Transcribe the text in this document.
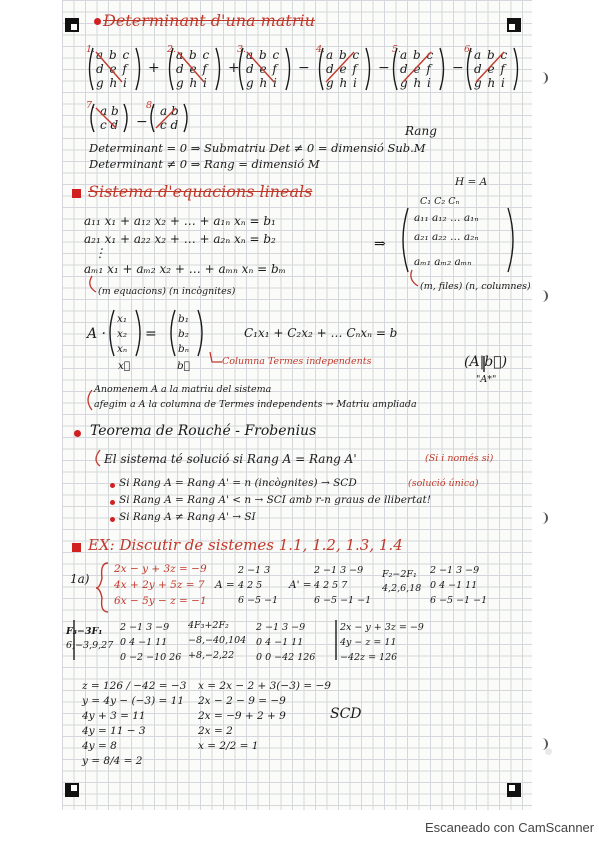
Determinant d'una matriu
1.	2.	3.	4.	5.	6.
a b c
d e f
g h i
+
a b c
d e f
g h i
+
a b c
d e f
g h i
−
a b c
d e f
g h i
−
a b c
d e f
g h i
−
a b c
d e f
g h i
a b
c d
a b
c d
7.	8.
−
Rang
Determinant = 0 ⇒ Submatriu Det ≠ 0 = dimensió Sub.M
Determinant ≠ 0 ⇒ Rang = dimensió M
Sistema d'equacions lineals
a₁₁ x₁ + a₁₂ x₂ + … + a₁ₙ xₙ = b₁
a₂₁ x₁ + a₂₂ x₂ + … + a₂ₙ xₙ = b₂
⋮
aₘ₁ x₁ + aₘ₂ x₂ + … + aₘₙ xₙ = bₘ
⇒
H = A
C₁ C₂ Cₙ
a₁₁ a₁₂ … a₁ₙ
a₂₁ a₂₂ … a₂ₙ
aₘ₁ aₘ₂ aₘₙ
(m equacions) (n incògnites)	(m, files) (n, columnes)
A ·
x₁
x₂
xₙ
=
b₁
b₂
bₙ
x⃗	b⃗
C₁x₁ + C₂x₂ + … Cₙxₙ = b
Columna Termes independents	(A|b⃗)
"A*"
Anomenem A a la matriu del sistema
afegim a A la columna de Termes independents → Matriu ampliada
Teorema de Rouché - Frobenius
El sistema té solució si Rang A = Rang A'	(Si i només si)
Si Rang A = Rang A' = n (incògnites) → SCD	(solució única)
Si Rang A = Rang A' < n → SCI amb r-n graus de llibertat!
Si Rang A ≠ Rang A' → SI
EX: Discutir de sistemes 1.1, 1.2, 1.3, 1.4
1a)
2x − y + 3z = −9
4x + 2y + 5z = 7
6x − 5y − z = −1
A =
2 −1 3
4 2 5
6 −5 −1
A' =
2 −1 3 −9
4 2 5 7
6 −5 −1 −1
F₂−2F₁
4,2,6,18
2 −1 3 −9
0 4 −1 11
6 −5 −1 −1
F₃−3F₁
6,−3,9,27
2 −1 3 −9
0 4 −1 11
0 −2 −10 26
4F₃+2F₂
−8,−40,104
+8,−2,22
2 −1 3 −9
0 4 −1 11
0 0 −42 126
2x − y + 3z = −9
4y − z = 11
−42z = 126
z = 126 / −42 = −3
y = 4y − (−3) = 11
4y + 3 = 11
4y = 11 − 3
4y = 8
y = 8/4 = 2
x = 2x − 2 + 3(−3) = −9
2x − 2 − 9 = −9
2x = −9 + 2 + 9
2x = 2
x = 2/2 = 1
SCD
Escaneado con CamScanner
